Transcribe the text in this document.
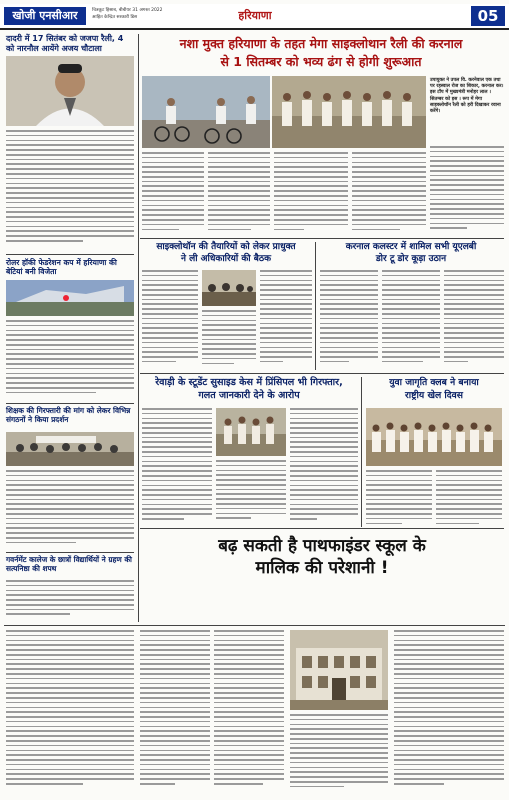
खोजी एनसीआर	चित्रकूट हिसाब, बीबीयर 31 अगस्त 2022
आहित केन्द्रित सरकारी डिस	हरियाणा	05
दादरी में 17 सितंबर को जजपा रैली, 4 को नारनौल आयेंगे अजय चौटाला
रोलर हॉकी फेडरेशन कप में हरियाणा की बेटियां बनी विजेता
शिक्षक की गिरफ्तारी की मांग को लेकर विभिन्न संगठनों ने किया प्रदर्शन
गवर्नमेंट कालेज के छात्रों विद्यार्थियों ने ग्रहण की सत्यनिष्ठा की शपथ
नशा मुक्त हरियाणा के तहत मेगा साइक्लोथान रैली की करनाल
से 1 सितम्बर को भव्य ढंग से होगी शुरूआत
उपायुक्त ने उपल वि. करनेवाल एक तथा पर रहस्वाल रोज का शिकार, करनाल कर। इस टॉप में मुख्यमंत्री मनोहर लाल । सितम्बर को इस । रूप में मेगा साइक्लोथॉन रैली को हरी दिखाकर रवाना करेंगे।
साइक्लोथॉन की तैयारियों को लेकर प्राधुक्त
ने ली अधिकारियों की बैठक
करनाल कलस्टर में शामिल सभी यूएलबी
डोर टू डोर कूड़ा उठान
रेवाड़ी के स्टूडेंट सुसाइड केस में प्रिंसिपल भी गिरफ्तार,
गलत जानकारी देने के आरोप
युवा जागृति क्लब ने बनाया
राष्ट्रीय खेल दिवस
बढ़ सकती है पाथफाइंडर स्कूल के
मालिक की परेशानी !
